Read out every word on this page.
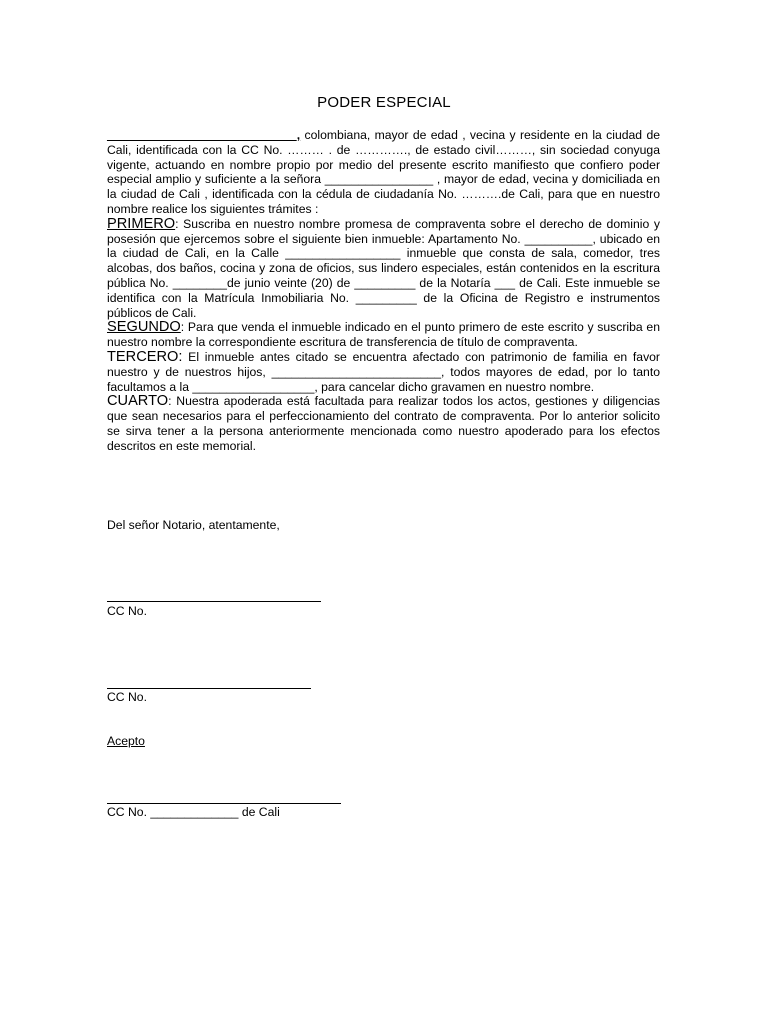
PODER ESPECIAL

____________________________, colombiana, mayor de edad , vecina y residente en la ciudad de Cali, identificada con la CC No. ……… . de …………., de estado civil………, sin sociedad conyuga vigente, actuando en nombre propio por medio del presente escrito manifiesto que confiero poder especial amplio y suficiente a la señora ________________ , mayor de edad, vecina y domiciliada en la ciudad de Cali , identificada con la cédula de ciudadanía No. ……….de Cali, para que en nuestro nombre realice los siguientes trámites :

PRIMERO: Suscriba en nuestro nombre promesa de compraventa sobre el derecho de dominio y posesión que ejercemos sobre el siguiente bien inmueble: Apartamento No. __________, ubicado en la ciudad de Cali, en la Calle _________________ inmueble que consta de sala, comedor, tres alcobas, dos baños, cocina y zona de oficios, sus lindero especiales, están contenidos en la escritura pública No. ________de junio veinte (20) de _________ de la Notaría ___ de Cali. Este inmueble se identifica con la Matrícula Inmobiliaria No. _________ de la Oficina de Registro e instrumentos públicos de Cali.

SEGUNDO: Para que venda el inmueble indicado en el punto primero de este escrito y suscriba en nuestro nombre la correspondiente escritura de transferencia de título de compraventa.

TERCERO: El inmueble antes citado se encuentra afectado con patrimonio de familia en favor nuestro y de nuestros hijos, _________________________, todos mayores de edad, por lo tanto facultamos a la __________________, para cancelar dicho gravamen en nuestro nombre.

CUARTO: Nuestra apoderada está facultada para realizar todos los actos, gestiones y diligencias que sean necesarios para el perfeccionamiento del contrato de compraventa. Por lo anterior solicito se sirva tener a la persona anteriormente mencionada como nuestro apoderado para los efectos descritos en este memorial.

Del señor Notario, atentamente,
CC No.
CC No.
Acepto
CC No. _____________ de Cali
